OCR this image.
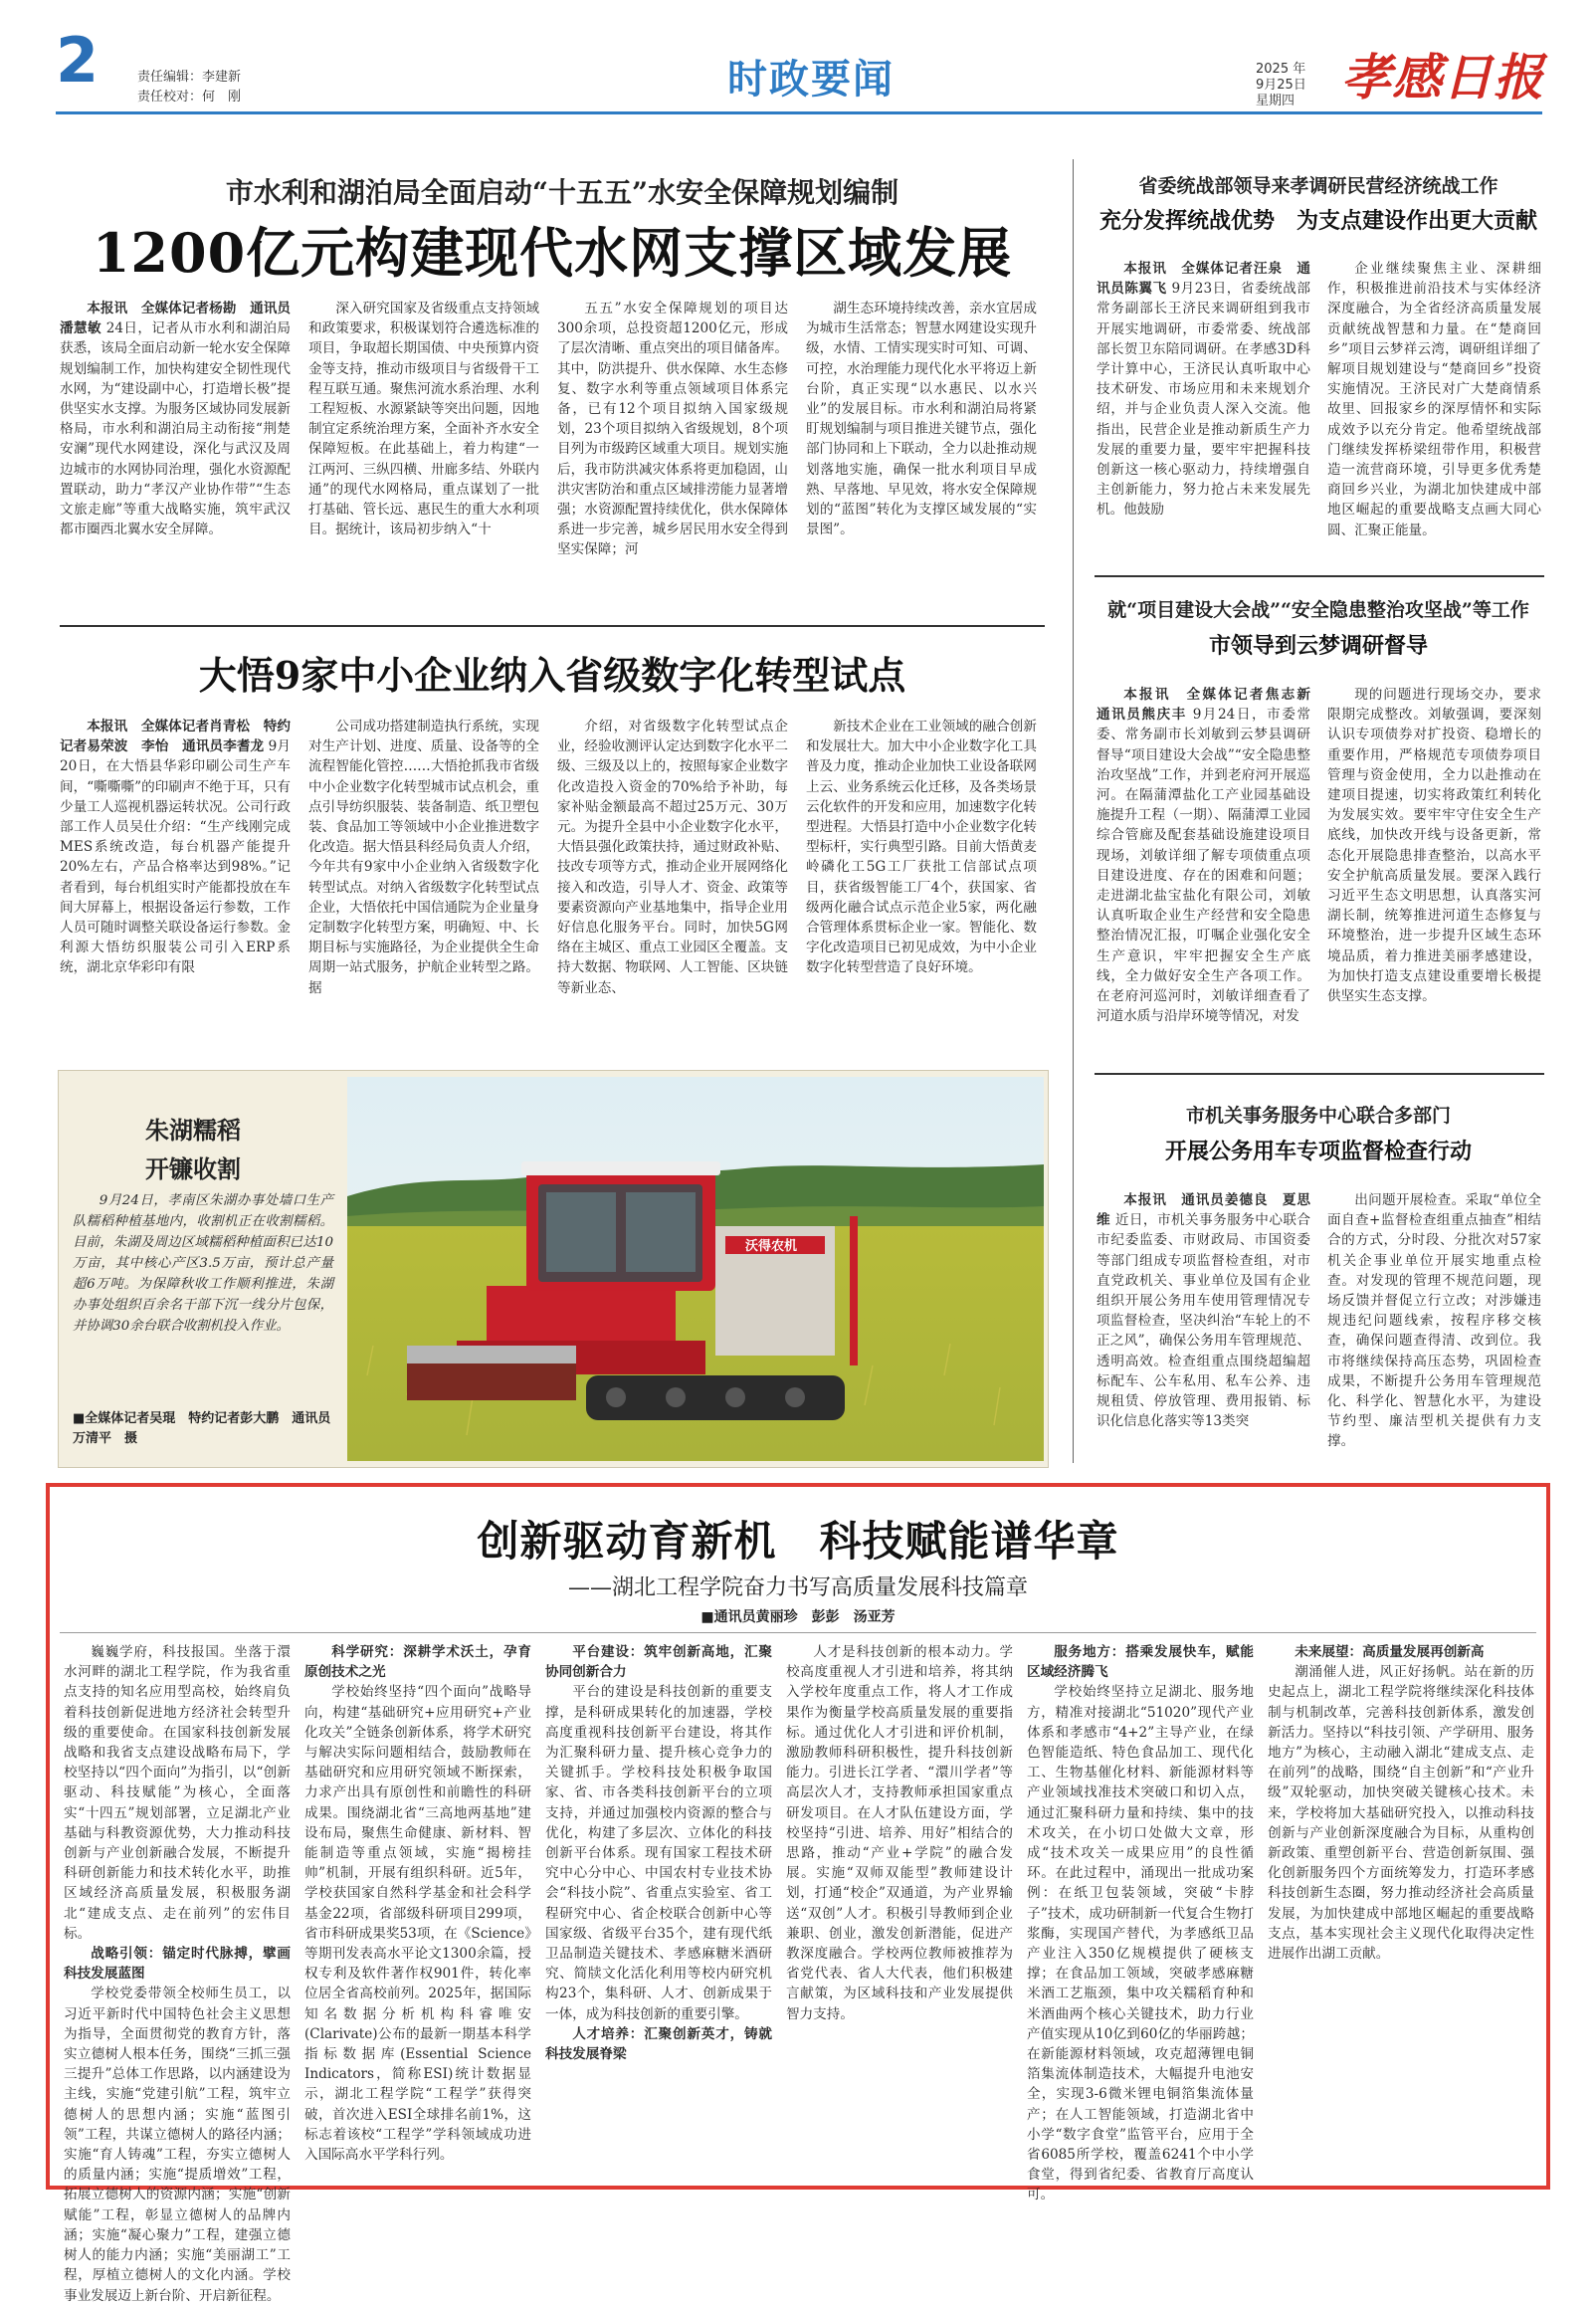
2	责任编辑：李建新
责任校对：何　刚	时政要闻	2025 年
9月25日
星期四 孝感日报
市水利和湖泊局全面启动“十五五”水安全保障规划编制
1200亿元构建现代水网支撑区域发展

本报讯　全媒体记者杨勘　通讯员潘慧敏 24日，记者从市水利和湖泊局获悉，该局全面启动新一轮水安全保障规划编制工作，加快构建安全韧性现代水网，为“建设副中心，打造增长极”提供坚实水支撑。为服务区域协同发展新格局，市水利和湖泊局主动衔接“荆楚安澜”现代水网建设，深化与武汉及周边城市的水网协同治理，强化水资源配置联动，助力“孝汉产业协作带”“生态文旅走廊”等重大战略实施，筑牢武汉都市圈西北翼水安全屏障。

深入研究国家及省级重点支持领域和政策要求，积极谋划符合遴选标准的项目，争取超长期国债、中央预算内资金等支持，推动市级项目与省级骨干工程互联互通。聚焦河流水系治理、水利工程短板、水源紧缺等突出问题，因地制宜定系统治理方案，全面补齐水安全保障短板。在此基础上，着力构建“一江两河、三纵四横、卅廊多结、外联内通”的现代水网格局，重点谋划了一批打基础、管长远、惠民生的重大水利项目。据统计，该局初步纳入“十

五五”水安全保障规划的项目达300余项，总投资超1200亿元，形成了层次清晰、重点突出的项目储备库。其中，防洪提升、供水保障、水生态修复、数字水利等重点领域项目体系完备，已有12个项目拟纳入国家级规划，23个项目拟纳入省级规划，8个项目列为市级跨区域重大项目。规划实施后，我市防洪减灾体系将更加稳固，山洪灾害防治和重点区域排涝能力显著增强；水资源配置持续优化，供水保障体系进一步完善，城乡居民用水安全得到坚实保障；河

湖生态环境持续改善，亲水宜居成为城市生活常态；智慧水网建设实现升级，水情、工情实现实时可知、可调、可控，水治理能力现代化水平将迈上新台阶，真正实现“以水惠民、以水兴业”的发展目标。市水利和湖泊局将紧盯规划编制与项目推进关键节点，强化部门协同和上下联动，全力以赴推动规划落地实施，确保一批水利项目早成熟、早落地、早见效，将水安全保障规划的“蓝图”转化为支撑区域发展的“实景图”。

大悟9家中小企业纳入省级数字化转型试点

本报讯　全媒体记者肖青松　特约记者易荣波　李怡　通讯员李耆龙 9月20日，在大悟县华彩印刷公司生产车间，“嘶嘶嘶”的印刷声不绝于耳，只有少量工人巡视机器运转状况。公司行政部工作人员吴仕介绍：“生产线刚完成MES系统改造，每台机器产能提升20%左右，产品合格率达到98%。”记者看到，每台机组实时产能都投放在车间大屏幕上，根据设备运行参数，工作人员可随时调整关联设备运行参数。金利源大悟纺织服装公司引入ERP系统，湖北京华彩印有限

公司成功搭建制造执行系统，实现对生产计划、进度、质量、设备等的全流程智能化管控……大悟抢抓我市省级中小企业数字化转型城市试点机会，重点引导纺织服装、装备制造、纸卫塑包装、食品加工等领域中小企业推进数字化改造。据大悟县科经局负责人介绍，今年共有9家中小企业纳入省级数字化转型试点。对纳入省级数字化转型试点企业，大悟依托中国信通院为企业量身定制数字化转型方案，明确短、中、长期目标与实施路径，为企业提供全生命周期一站式服务，护航企业转型之路。据

介绍，对省级数字化转型试点企业，经验收测评认定达到数字化水平二级、三级及以上的，按照每家企业数字化改造投入资金的70%给予补助，每家补贴金额最高不超过25万元、30万元。为提升全县中小企业数字化水平，大悟县强化政策扶持，通过财政补贴、技改专项等方式，推动企业开展网络化接入和改造，引导人才、资金、政策等要素资源向产业基地集中，指导企业用好信息化服务平台。同时，加快5G网络在主城区、重点工业园区全覆盖。支持大数据、物联网、人工智能、区块链等新业态、

新技术企业在工业领域的融合创新和发展壮大。加大中小企业数字化工具普及力度，推动企业加快工业设备联网上云、业务系统云化迁移，及各类场景云化软件的开发和应用，加速数字化转型进程。大悟县打造中小企业数字化转型标杆，实行典型引路。目前大悟黄麦岭磷化工5G工厂获批工信部试点项目，获省级智能工厂4个，获国家、省级两化融合试点示范企业5家，两化融合管理体系贯标企业一家。智能化、数字化改造项目已初见成效，为中小企业数字化转型营造了良好环境。

朱湖糯稻
开镰收割
9月24日，孝南区朱湖办事处墙口生产队糯稻种植基地内，收割机正在收割糯稻。目前，朱湖及周边区域糯稻种植面积已达10万亩，其中核心产区3.5万亩，预计总产量超6万吨。为保障秋收工作顺利推进，朱湖办事处组织百余名干部下沉一线分片包保，并协调30余台联合收割机投入作业。
■全媒体记者吴琨　特约记者彭大鹏　通讯员万清平　摄
沃得农机
省委统战部领导来孝调研民营经济统战工作
充分发挥统战优势　为支点建设作出更大贡献

本报讯　全媒体记者汪泉　通讯员陈翼飞 9月23日，省委统战部常务副部长王济民来调研组到我市开展实地调研，市委常委、统战部部长贺卫东陪同调研。在孝感3D科学计算中心，王济民认真听取中心技术研发、市场应用和未来规划介绍，并与企业负责人深入交流。他指出，民营企业是推动新质生产力发展的重要力量，要牢牢把握科技创新这一核心驱动力，持续增强自主创新能力，努力抢占未来发展先机。他鼓励

企业继续聚焦主业、深耕细作，积极推进前沿技术与实体经济深度融合，为全省经济高质量发展贡献统战智慧和力量。在“楚商回乡”项目云梦祥云湾，调研组详细了解项目规划建设与“楚商回乡”投资实施情况。王济民对广大楚商情系故里、回报家乡的深厚情怀和实际成效予以充分肯定。他希望统战部门继续发挥桥梁纽带作用，积极营造一流营商环境，引导更多优秀楚商回乡兴业，为湖北加快建成中部地区崛起的重要战略支点画大同心圆、汇聚正能量。

就“项目建设大会战”“安全隐患整治攻坚战”等工作
市领导到云梦调研督导

本报讯　全媒体记者焦志新　通讯员熊庆丰 9月24日，市委常委、常务副市长刘敏到云梦县调研督导“项目建设大会战”“安全隐患整治攻坚战”工作，并到老府河开展巡河。在隔蒲潭盐化工产业园基础设施提升工程（一期）、隔蒲潭工业园综合管廊及配套基础设施建设项目现场，刘敏详细了解专项债重点项目建设进度、存在的困难和问题；走进湖北盐宝盐化有限公司，刘敏认真听取企业生产经营和安全隐患整治情况汇报，叮嘱企业强化安全生产意识，牢牢把握安全生产底线，全力做好安全生产各项工作。在老府河巡河时，刘敏详细查看了河道水质与沿岸环境等情况，对发

现的问题进行现场交办，要求限期完成整改。刘敏强调，要深刻认识专项债券对扩投资、稳增长的重要作用，严格规范专项债券项目管理与资金使用，全力以赴推动在建项目提速，切实将政策红利转化为发展实效。要牢牢守住安全生产底线，加快改开线与设备更新，常态化开展隐患排查整治，以高水平安全护航高质量发展。要深入践行习近平生态文明思想，认真落实河湖长制，统筹推进河道生态修复与环境整治，进一步提升区域生态环境品质，着力推进美丽孝感建设，为加快打造支点建设重要增长极提供坚实生态支撑。

市机关事务服务中心联合多部门
开展公务用车专项监督检查行动

本报讯　通讯员姜德良　夏思维 近日，市机关事务服务中心联合市纪委监委、市财政局、市国资委等部门组成专项监督检查组，对市直党政机关、事业单位及国有企业组织开展公务用车使用管理情况专项监督检查，坚决纠治“车轮上的不正之风”，确保公务用车管理规范、透明高效。检查组重点围绕超编超标配车、公车私用、私车公养、违规租赁、停放管理、费用报销、标识化信息化落实等13类突

出问题开展检查。采取“单位全面自查+监督检查组重点抽查”相结合的方式，分时段、分批次对57家机关企事业单位开展实地重点检查。对发现的管理不规范问题，现场反馈并督促立行立改；对涉嫌违规违纪问题线索，按程序移交核查，确保问题查得清、改到位。我市将继续保持高压态势，巩固检查成果，不断提升公务用车管理规范化、科学化、智慧化水平，为建设节约型、廉洁型机关提供有力支撑。

创新驱动育新机　科技赋能谱华章
——湖北工程学院奋力书写高质量发展科技篇章
■通讯员黄丽珍　彭彭　汤亚芳

巍巍学府，科技报国。坐落于澴水河畔的湖北工程学院，作为我省重点支持的知名应用型高校，始终肩负着科技创新促进地方经济社会转型升级的重要使命。在国家科技创新发展战略和我省支点建设战略布局下，学校坚持以“四个面向”为指引，以“创新驱动、科技赋能”为核心，全面落实“十四五”规划部署，立足湖北产业基础与科教资源优势，大力推动科技创新与产业创新融合发展，不断提升科研创新能力和技术转化水平，助推区域经济高质量发展，积极服务湖北“建成支点、走在前列”的宏伟目标。

战略引领：锚定时代脉搏，擘画科技发展蓝图

学校党委带领全校师生员工，以习近平新时代中国特色社会主义思想为指导，全面贯彻党的教育方针，落实立德树人根本任务，围绕“三抓三强三提升”总体工作思路，以内涵建设为主线，实施“党建引航”工程，筑牢立德树人的思想内涵；实施“蓝图引领”工程，共谋立德树人的路径内涵；实施“育人铸魂”工程，夯实立德树人的质量内涵；实施“提质增效”工程，拓展立德树人的资源内涵；实施“创新赋能”工程，彰显立德树人的品牌内涵；实施“凝心聚力”工程，建强立德树人的能力内涵；实施“美丽湖工”工程，厚植立德树人的文化内涵。学校事业发展迈上新台阶、开启新征程。

科学研究：深耕学术沃土，孕育原创技术之光

学校始终坚持“四个面向”战略导向，构建“基础研究+应用研究+产业化攻关”全链条创新体系，将学术研究与解决实际问题相结合，鼓励教师在基础研究和应用研究领域不断探索，力求产出具有原创性和前瞻性的科研成果。围绕湖北省“三高地两基地”建设布局，聚焦生命健康、新材料、智能制造等重点领域，实施“揭榜挂帅”机制，开展有组织科研。近5年，学校获国家自然科学基金和社会科学基金22项，省部级科研项目299项，省市科研成果奖53项，在《Science》等期刊发表高水平论文1300余篇，授权专利及软件著作权901件，转化率位居全省高校前列。2025年，据国际知名数据分析机构科睿唯安(Clarivate)公布的最新一期基本科学指标数据库(Essential Science Indicators，简称ESI)统计数据显示，湖北工程学院“工程学”获得突破，首次进入ESI全球排名前1%，这标志着该校“工程学”学科领域成功进入国际高水平学科行列。

平台建设：筑牢创新高地，汇聚协同创新合力

平台的建设是科技创新的重要支撑，是科研成果转化的加速器，学校高度重视科技创新平台建设，将其作为汇聚科研力量、提升核心竞争力的关键抓手。学校科技处积极争取国家、省、市各类科技创新平台的立项支持，并通过加强校内资源的整合与优化，构建了多层次、立体化的科技创新平台体系。现有国家工程技术研究中心分中心、中国农村专业技术协会“科技小院”、省重点实验室、省工程研究中心、省企校联合创新中心等国家级、省级平台35个，建有现代纸卫品制造关键技术、孝感麻糖米酒研究、简牍文化活化利用等校内研究机构23个，集科研、人才、创新成果于一体，成为科技创新的重要引擎。

人才培养：汇聚创新英才，铸就科技发展脊梁

人才是科技创新的根本动力。学校高度重视人才引进和培养，将其纳入学校年度重点工作，将人才工作成果作为衡量学校高质量发展的重要指标。通过优化人才引进和评价机制，激励教师科研积极性，提升科技创新能力。引进长江学者、“澴川学者”等高层次人才，支持教师承担国家重点研发项目。在人才队伍建设方面，学校坚持“引进、培养、用好”相结合的思路，推动“产业+学院”的融合发展。实施“双师双能型”教师建设计划，打通“校企”双通道，为产业界输送“双创”人才。积极引导教师到企业兼职、创业，激发创新潜能，促进产教深度融合。学校两位教师被推荐为省党代表、省人大代表，他们积极建言献策，为区域科技和产业发展提供智力支持。

服务地方：搭乘发展快车，赋能区域经济腾飞

学校始终坚持立足湖北、服务地方，精准对接湖北“51020”现代产业体系和孝感市“4+2”主导产业，在绿色智能造纸、特色食品加工、现代化工、生物基催化材料、新能源材料等产业领域找准技术突破口和切入点，通过汇聚科研力量和持续、集中的技术攻关，在小切口处做大文章，形成“技术攻关一成果应用”的良性循环。在此过程中，涌现出一批成功案例：在纸卫包装领域，突破“卡脖子”技术，成功研制新一代复合生物打浆酶，实现国产替代，为孝感纸卫品产业注入350亿规模提供了硬核支撑；在食品加工领域，突破孝感麻糖米酒工艺瓶颈，集中攻关糯稻育种和米酒曲两个核心关键技术，助力行业产值实现从10亿到60亿的华丽跨越；在新能源材料领域，攻克超薄锂电铜箔集流体制造技术，大幅提升电池安全，实现3-6微米锂电铜箔集流体量产；在人工智能领域，打造湖北省中小学“数字食堂”监管平台，应用于全省6085所学校，覆盖6241个中小学食堂，得到省纪委、省教育厅高度认可。

未来展望：高质量发展再创新高

潮涌催人进，风正好扬帆。站在新的历史起点上，湖北工程学院将继续深化科技体制与机制改革，完善科技创新体系，激发创新活力。坚持以“科技引领、产学研用、服务地方”为核心，主动融入湖北“建成支点、走在前列”的战略，围绕“自主创新”和“产业升级”双轮驱动，加快突破关键核心技术。未来，学校将加大基础研究投入，以推动科技创新与产业创新深度融合为目标，从重构创新政策、重塑创新平台、营造创新氛围、强化创新服务四个方面统筹发力，打造环孝感科技创新生态圈，努力推动经济社会高质量发展，为加快建成中部地区崛起的重要战略支点，基本实现社会主义现代化取得决定性进展作出湖工贡献。
